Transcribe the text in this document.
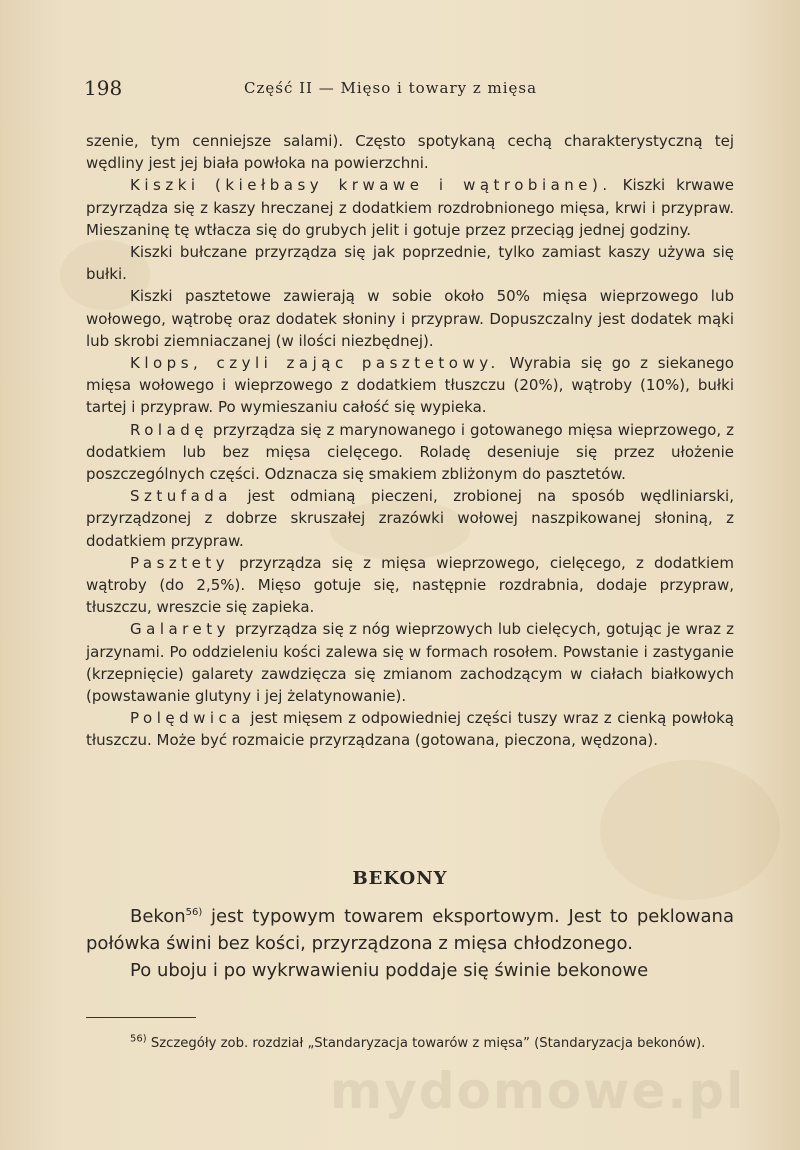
198	Część II — Mięso i towary z mięsa

szenie, tym cenniejsze salami). Często spotykaną cechą charakterystyczną tej wędliny jest jej biała powłoka na powierzchni.

Kiszki (kiełbasy krwawe i wątrobiane). Kiszki krwawe przyrządza się z kaszy hreczanej z dodatkiem rozdrobnionego mięsa, krwi i przypraw. Mieszaninę tę wtłacza się do grubych jelit i gotuje przez przeciąg jednej godziny.

Kiszki bułczane przyrządza się jak poprzednie, tylko zamiast kaszy używa się bułki.

Kiszki pasztetowe zawierają w sobie około 50% mięsa wieprzowego lub wołowego, wątrobę oraz dodatek słoniny i przypraw. Dopuszczalny jest dodatek mąki lub skrobi ziemniaczanej (w ilości niezbędnej).

Klops, czyli zając pasztetowy. Wyrabia się go z siekanego mięsa wołowego i wieprzowego z dodatkiem tłuszczu (20%), wątroby (10%), bułki tartej i przypraw. Po wymieszaniu całość się wypieka.

Roladę przyrządza się z marynowanego i gotowanego mięsa wieprzowego, z dodatkiem lub bez mięsa cielęcego. Roladę deseniuje się przez ułożenie poszczególnych części. Odznacza się smakiem zbliżonym do pasztetów.

Sztufada jest odmianą pieczeni, zrobionej na sposób wędliniarski, przyrządzonej z dobrze skruszałej zrazówki wołowej naszpikowanej słoniną, z dodatkiem przypraw.

Pasztety przyrządza się z mięsa wieprzowego, cielęcego, z dodatkiem wątroby (do 2,5%). Mięso gotuje się, następnie rozdrabnia, dodaje przypraw, tłuszczu, wreszcie się zapieka.

Galarety przyrządza się z nóg wieprzowych lub cielęcych, gotując je wraz z jarzynami. Po oddzieleniu kości zalewa się w formach rosołem. Powstanie i zastyganie (krzepnięcie) galarety zawdzięcza się zmianom zachodzącym w ciałach białkowych (powstawanie glutyny i jej żelatynowanie).

Polędwica jest mięsem z odpowiedniej części tuszy wraz z cienką powłoką tłuszczu. Może być rozmaicie przyrządzana (gotowana, pieczona, wędzona).

BEKONY

Bekon$^{56)}$ jest typowym towarem eksportowym. Jest to peklowana połówka świni bez kości, przyrządzona z mięsa chłodzonego.

Po uboju i po wykrwawieniu poddaje się świnie bekonowe

$^{56)}$ Szczegóły zob. rozdział „Standaryzacja towarów z mięsa” (Standaryzacja bekonów).

mydomowe.pl
